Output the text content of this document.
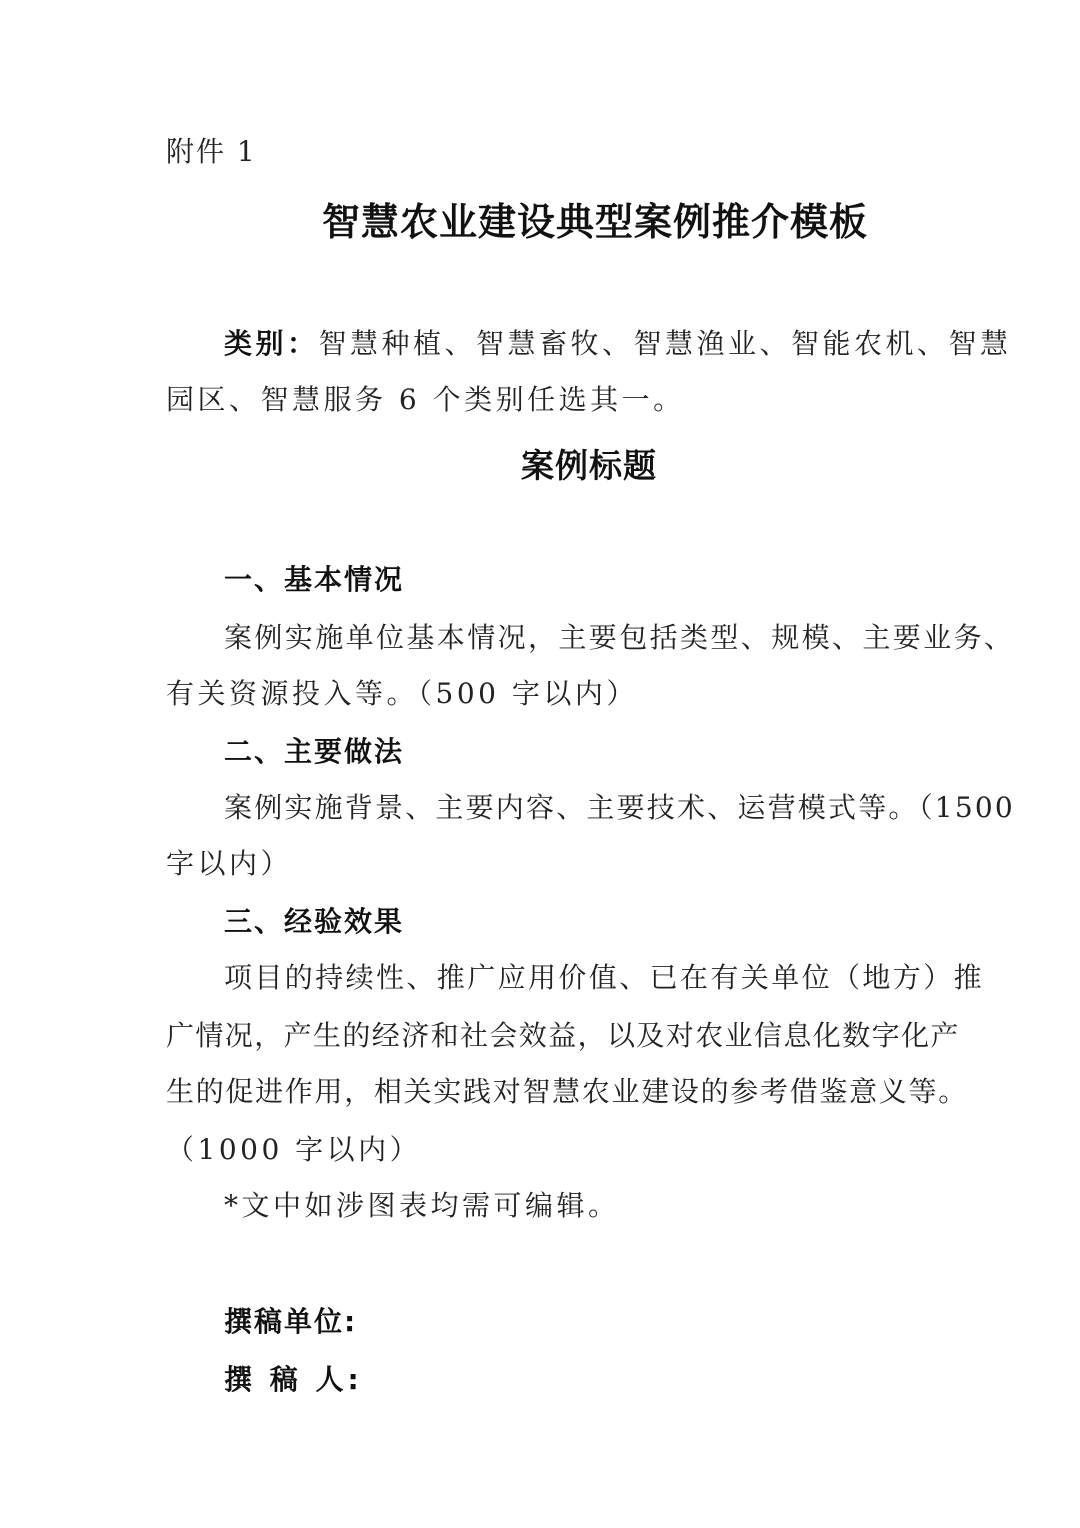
附件 1
智慧农业建设典型案例推介模板
类别：智慧种植、智慧畜牧、智慧渔业、智能农机、智慧
园区、智慧服务 6 个类别任选其一。
案例标题
一、基本情况
案例实施单位基本情况，主要包括类型、规模、主要业务、
有关资源投入等。（500 字以内）
二、主要做法
案例实施背景、主要内容、主要技术、运营模式等。（1500
字以内）
三、经验效果
项目的持续性、推广应用价值、已在有关单位（地方）推
广情况，产生的经济和社会效益，以及对农业信息化数字化产
生的促进作用，相关实践对智慧农业建设的参考借鉴意义等。
（1000 字以内）
*文中如涉图表均需可编辑。
撰稿单位:
撰 稿 人:
